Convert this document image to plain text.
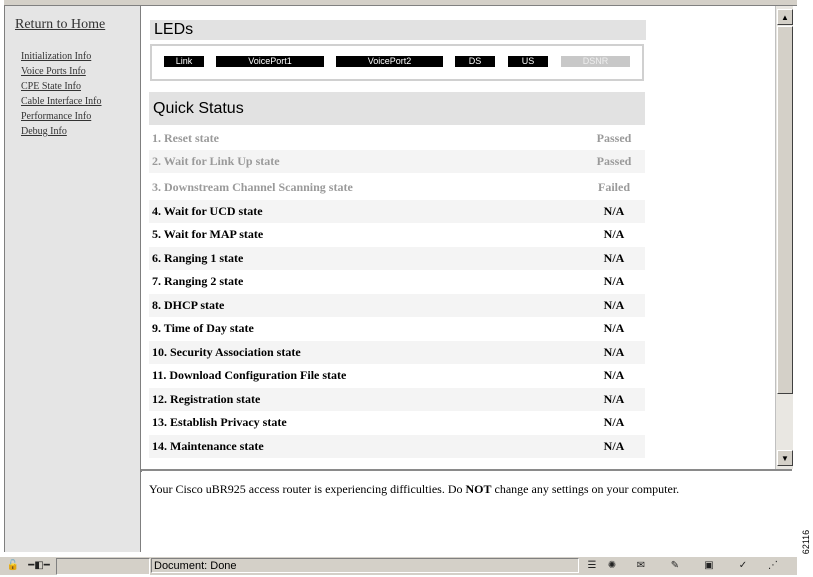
Return to Home
Initialization Info
Voice Ports Info
CPE State Info
Cable Interface Info
Performance Info
Debug Info
LEDs
Link	VoicePort1	VoicePort2	DS	US	DSNR
Quick Status
1. Reset state	Passed
2. Wait for Link Up state	Passed
3. Downstream Channel Scanning state	Failed
4. Wait for UCD state	N/A
5. Wait for MAP state	N/A
6. Ranging 1 state	N/A
7. Ranging 2 state	N/A
8. DHCP state	N/A
9. Time of Day state	N/A
10. Security Association state	N/A
11. Download Configuration File state	N/A
12. Registration state	N/A
13. Establish Privacy state	N/A
14. Maintenance state	N/A
▲
▼
Your Cisco uBR925 access router is experiencing difficulties. Do NOT change any settings on your computer.
🔓 ━◧━	Document: Done	☰	✺	✉	✎	▣	✓	⋰
62116
